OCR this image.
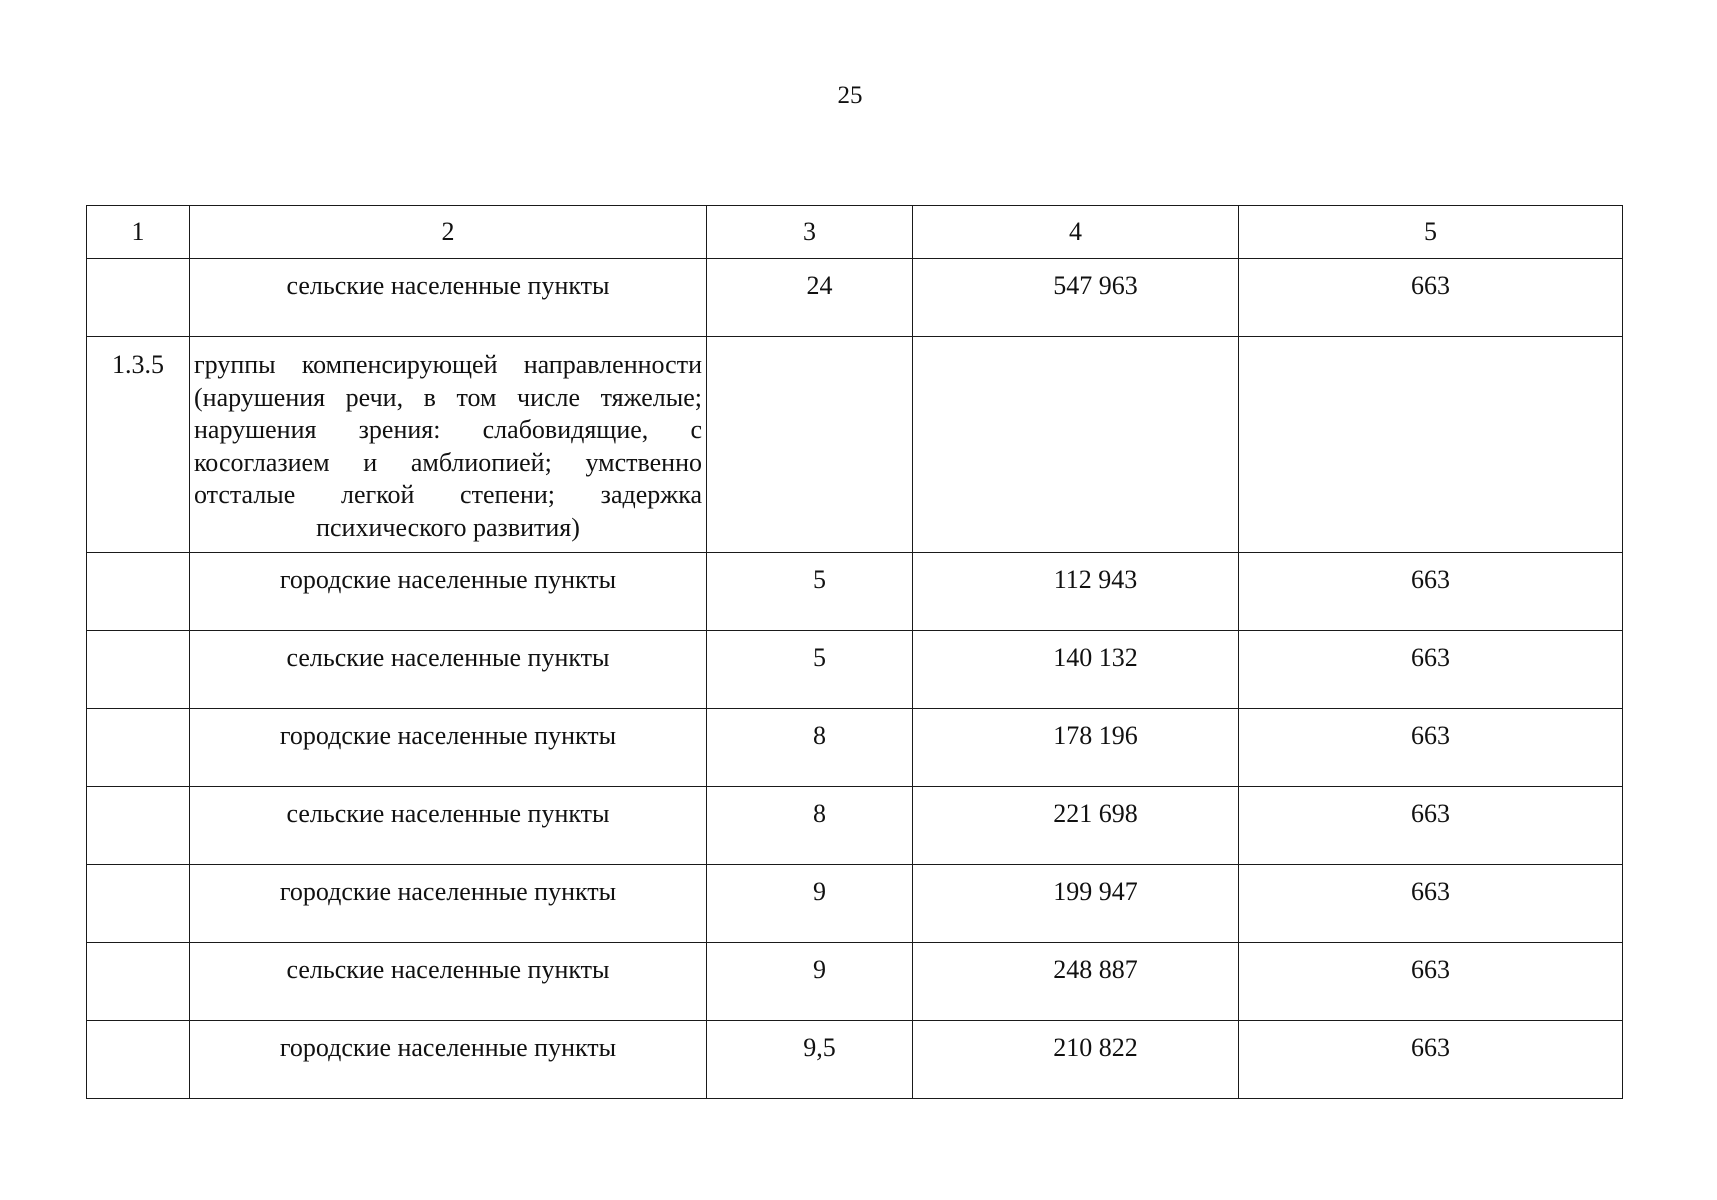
25
1	2	3	4	5

	сельские населенные пункты	24	547 963	663

1.3.5	группы компенсирующей направленности (нарушения речи, в том числе тяжелые; нарушения зрения: слабовидящие, с косоглазием и амблиопией; умственно отсталые легкой степени; задержка психического развития)			

	городские населенные пункты	5	112 943	663

	сельские населенные пункты	5	140 132	663

	городские населенные пункты	8	178 196	663

	сельские населенные пункты	8	221 698	663

	городские населенные пункты	9	199 947	663

	сельские населенные пункты	9	248 887	663

	городские населенные пункты	9,5	210 822	663
